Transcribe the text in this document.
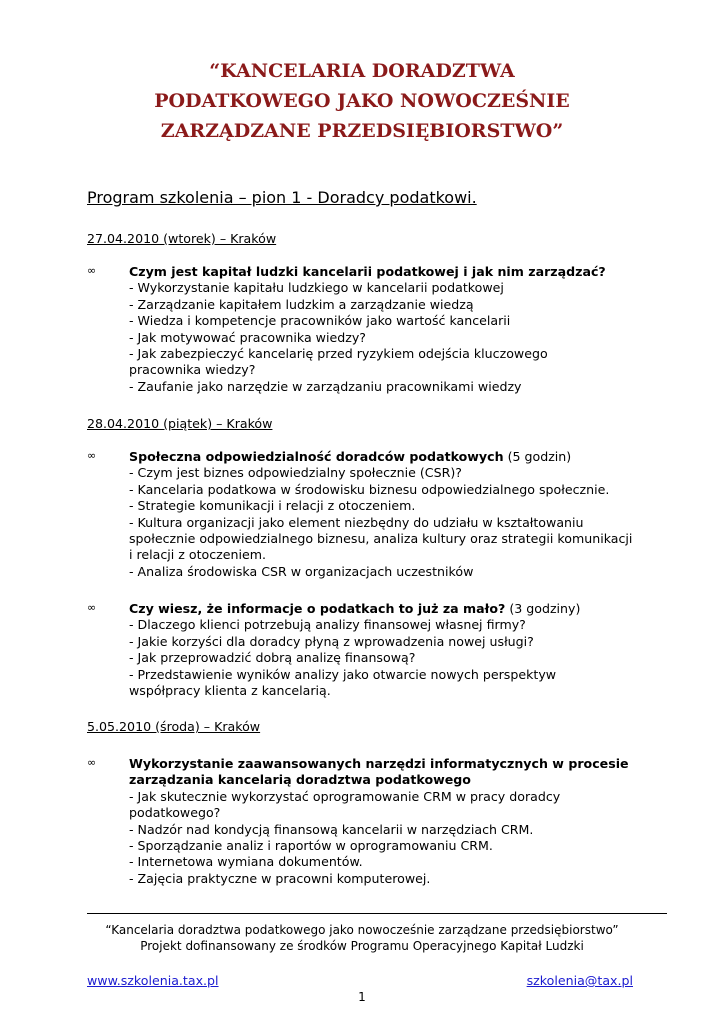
“KANCELARIA DORADZTWA
PODATKOWEGO JAKO NOWOCZEŚNIE
ZARZĄDZANE PRZEDSIĘBIORSTWO”
Program szkolenia – pion 1 - Doradcy podatkowi.
27.04.2010 (wtorek) – Kraków
∞	Czym jest kapitał ludzki kancelarii podatkowej i jak nim zarządzać?
- Wykorzystanie kapitału ludzkiego w kancelarii podatkowej
- Zarządzanie kapitałem ludzkim a zarządzanie wiedzą
- Wiedza i kompetencje pracowników jako wartość kancelarii
- Jak motywować pracownika wiedzy?
- Jak zabezpieczyć kancelarię przed ryzykiem odejścia kluczowego
pracownika wiedzy?
- Zaufanie jako narzędzie w zarządzaniu pracownikami wiedzy
28.04.2010 (piątek) – Kraków
∞	Społeczna odpowiedzialność doradców podatkowych (5 godzin)
- Czym jest biznes odpowiedzialny społecznie (CSR)?
- Kancelaria podatkowa w środowisku biznesu odpowiedzialnego społecznie.
- Strategie komunikacji i relacji z otoczeniem.
- Kultura organizacji jako element niezbędny do udziału w kształtowaniu
społecznie odpowiedzialnego biznesu, analiza kultury oraz strategii komunikacji
i relacji z otoczeniem.
- Analiza środowiska CSR w organizacjach uczestników
∞	Czy wiesz, że informacje o podatkach to już za mało? (3 godziny)
- Dlaczego klienci potrzebują analizy finansowej własnej firmy?
- Jakie korzyści dla doradcy płyną z wprowadzenia nowej usługi?
- Jak przeprowadzić dobrą analizę finansową?
- Przedstawienie wyników analizy jako otwarcie nowych perspektyw
współpracy klienta z kancelarią.
5.05.2010 (środa) – Kraków
∞	Wykorzystanie zaawansowanych narzędzi informatycznych w procesie
zarządzania kancelarią doradztwa podatkowego
- Jak skutecznie wykorzystać oprogramowanie CRM w pracy doradcy
podatkowego?
- Nadzór nad kondycją finansową kancelarii w narzędziach CRM.
- Sporządzanie analiz i raportów w oprogramowaniu CRM.
- Internetowa wymiana dokumentów.
- Zajęcia praktyczne w pracowni komputerowej.
“Kancelaria doradztwa podatkowego jako nowocześnie zarządzane przedsiębiorstwo”
Projekt dofinansowany ze środków Programu Operacyjnego Kapitał Ludzki
www.szkolenia.tax.pl	szkolenia@tax.pl
1
